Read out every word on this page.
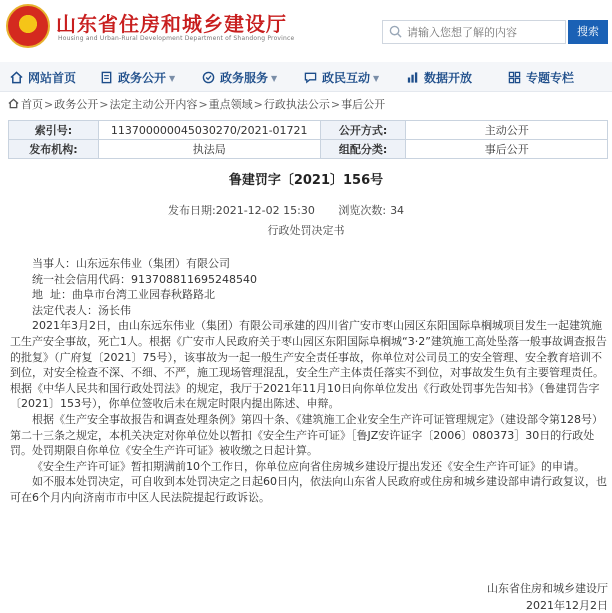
★	山东省住房和城乡建设厅
Housing and Urban-Rural Development Department of Shandong Province
请输入您想了解的内容
搜索
网站首页	政务公开 ▼	政务服务 ▼	政民互动 ▼	数据开放	专题专栏
首页>政务公开>法定主动公开内容>重点领域>行政执法公示>事后公开
索引号:	113700000045030270/2021-01721	公开方式:	主动公开
发布机构:	执法局	组配分类:	事后公开
鲁建罚字〔2021〕156号
发布日期:2021-12-02 15:30 浏览次数: 34
行政处罚决定书

当事人：山东远东伟业（集团）有限公司

统一社会信用代码：913708811695248540

地  址：曲阜市台湾工业园春秋路路北

法定代表人：汤长伟

2021年3月2日，由山东远东伟业（集团）有限公司承建的四川省广安市枣山园区东阳国际阜榈城项目发生一起建筑施工生产安全事故，死亡1人。根据《广安市人民政府关于枣山园区东阳国际阜榈城“3·2”建筑施工高处坠落一般事故调查报告的批复》（广府复〔2021〕75号），该事故为一起一般生产安全责任事故，你单位对公司员工的安全管理、安全教育培训不到位，对安全检查不深、不细、不严，施工现场管理混乱，安全生产主体责任落实不到位，对事故发生负有主要管理责任。

根据《中华人民共和国行政处罚法》的规定，我厅于2021年11月10日向你单位发出《行政处罚事先告知书》（鲁建罚告字〔2021〕153号），你单位签收后未在规定时限内提出陈述、申辩。

根据《生产安全事故报告和调查处理条例》第四十条、《建筑施工企业安全生产许可证管理规定》（建设部令第128号）第二十三条之规定，本机关决定对你单位处以暂扣《安全生产许可证》［鲁JZ安许证字〔2006〕080373］30日的行政处罚。处罚期限自你单位《安全生产许可证》被收缴之日起计算。

《安全生产许可证》暂扣期满前10个工作日，你单位应向省住房城乡建设厅提出发还《安全生产许可证》的申请。

如不服本处罚决定，可自收到本处罚决定之日起60日内，依法向山东省人民政府或住房和城乡建设部申请行政复议，也可在6个月内向济南市市中区人民法院提起行政诉讼。

山东省住房和城乡建设厅
2021年12月2日
